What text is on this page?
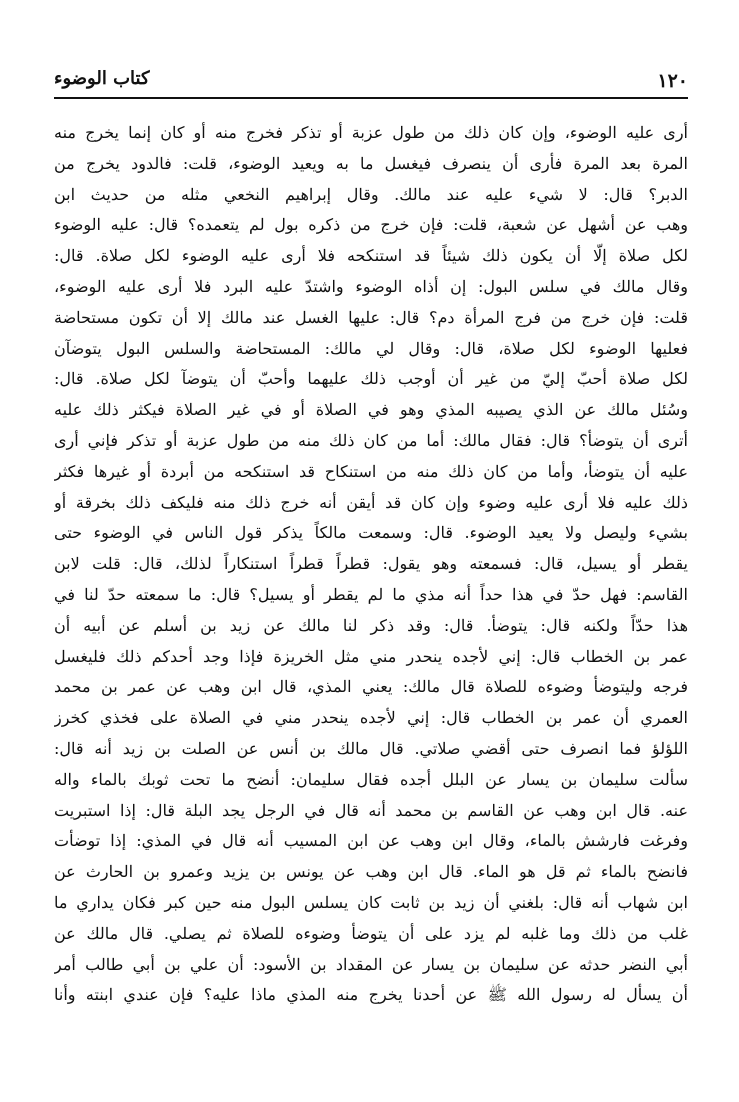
١٢٠
كتاب الوضوء
أرى عليه الوضوء، وإن كان ذلك من طول عزبة أو تذكر فخرج منه أو كان إنما يخرج منه
المرة بعد المرة فأرى أن ينصرف فيغسل ما به ويعيد الوضوء، قلت: فالدود يخرج من
الدبر؟ قال: لا شيء عليه عند مالك. وقال إبراهيم النخعي مثله من حديث ابن
وهب عن أشهل عن شعبة، قلت: فإن خرج من ذكره بول لم يتعمده؟ قال: عليه الوضوء
لكل صلاة إلّا أن يكون ذلك شيئاً قد استنكحه فلا أرى عليه الوضوء لكل صلاة. قال:
وقال مالك في سلس البول: إن أذاه الوضوء واشتدّ عليه البرد فلا أرى عليه الوضوء،
قلت: فإن خرج من فرج المرأة دم؟ قال: عليها الغسل عند مالك إلا أن تكون مستحاضة
فعليها الوضوء لكل صلاة، قال: وقال لي مالك: المستحاضة والسلس البول يتوضآن
لكل صلاة أحبّ إليّ من غير أن أوجب ذلك عليهما وأحبّ أن يتوضآ لكل صلاة. قال:
وسُئل مالك عن الذي يصيبه المذي وهو في الصلاة أو في غير الصلاة فيكثر ذلك عليه
أترى أن يتوضأ؟ قال: فقال مالك: أما من كان ذلك منه من طول عزبة أو تذكر فإني أرى
عليه أن يتوضأ، وأما من كان ذلك منه من استنكاح قد استنكحه من أبردة أو غيرها فكثر
ذلك عليه فلا أرى عليه وضوء وإن كان قد أيقن أنه خرج ذلك منه فليكف ذلك بخرقة أو
بشيء وليصل ولا يعيد الوضوء. قال: وسمعت مالكاً يذكر قول الناس في الوضوء حتى
يقطر أو يسيل، قال: فسمعته وهو يقول: قطراً قطراً استنكاراً لذلك، قال: قلت لابن
القاسم: فهل حدّ في هذا حداً أنه مذي ما لم يقطر أو يسيل؟ قال: ما سمعته حدّ لنا في
هذا حدّاً ولكنه قال: يتوضأ. قال: وقد ذكر لنا مالك عن زيد بن أسلم عن أبيه أن
عمر بن الخطاب قال: إني لأجده ينحدر مني مثل الخريزة فإذا وجد أحدكم ذلك فليغسل
فرجه وليتوضأ وضوءه للصلاة قال مالك: يعني المذي، قال ابن وهب عن عمر بن محمد
العمري أن عمر بن الخطاب قال: إني لأجده ينحدر مني في الصلاة على فخذي كخرز
اللؤلؤ فما انصرف حتى أقضي صلاتي. قال مالك بن أنس عن الصلت بن زيد أنه قال:
سألت سليمان بن يسار عن البلل أجده فقال سليمان: أنضح ما تحت ثوبك بالماء واله
عنه. قال ابن وهب عن القاسم بن محمد أنه قال في الرجل يجد البلة قال: إذا استبريت
وفرغت فارشش بالماء، وقال ابن وهب عن ابن المسيب أنه قال في المذي: إذا توضأت
فانضح بالماء ثم قل هو الماء. قال ابن وهب عن يونس بن يزيد وعمرو بن الحارث عن
ابن شهاب أنه قال: بلغني أن زيد بن ثابت كان يسلس البول منه حين كبر فكان يداري ما
غلب من ذلك وما غلبه لم يزد على أن يتوضأ وضوءه للصلاة ثم يصلي. قال مالك عن
أبي النضر حدثه عن سليمان بن يسار عن المقداد بن الأسود: أن علي بن أبي طالب أمر
أن يسأل له رسول الله ﷺ عن أحدنا يخرج منه المذي ماذا عليه؟ فإن عندي ابنته وأنا
